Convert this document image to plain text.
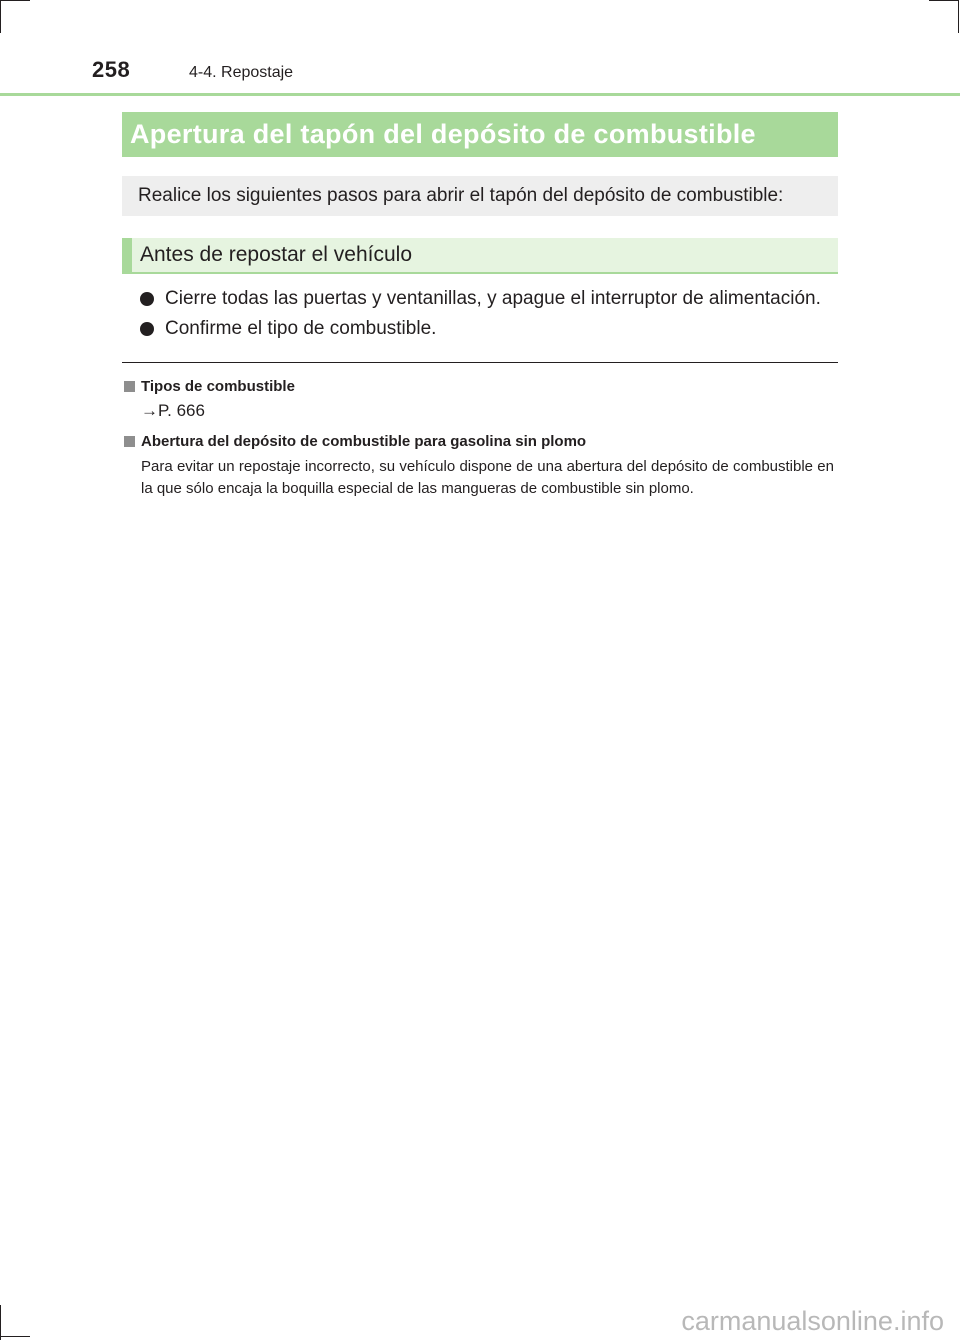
258	4-4. Repostaje
Apertura del tapón del depósito de combustible
Realice los siguientes pasos para abrir el tapón del depósito de combustible:
Antes de repostar el vehículo
Cierre todas las puertas y ventanillas, y apague el interruptor de alimentación.
Confirme el tipo de combustible.
Tipos de combustible
→P. 666
Abertura del depósito de combustible para gasolina sin plomo
Para evitar un repostaje incorrecto, su vehículo dispone de una abertura del depósito de combustible en la que sólo encaja la boquilla especial de las mangueras de combustible sin plomo.
carmanualsonline.info
